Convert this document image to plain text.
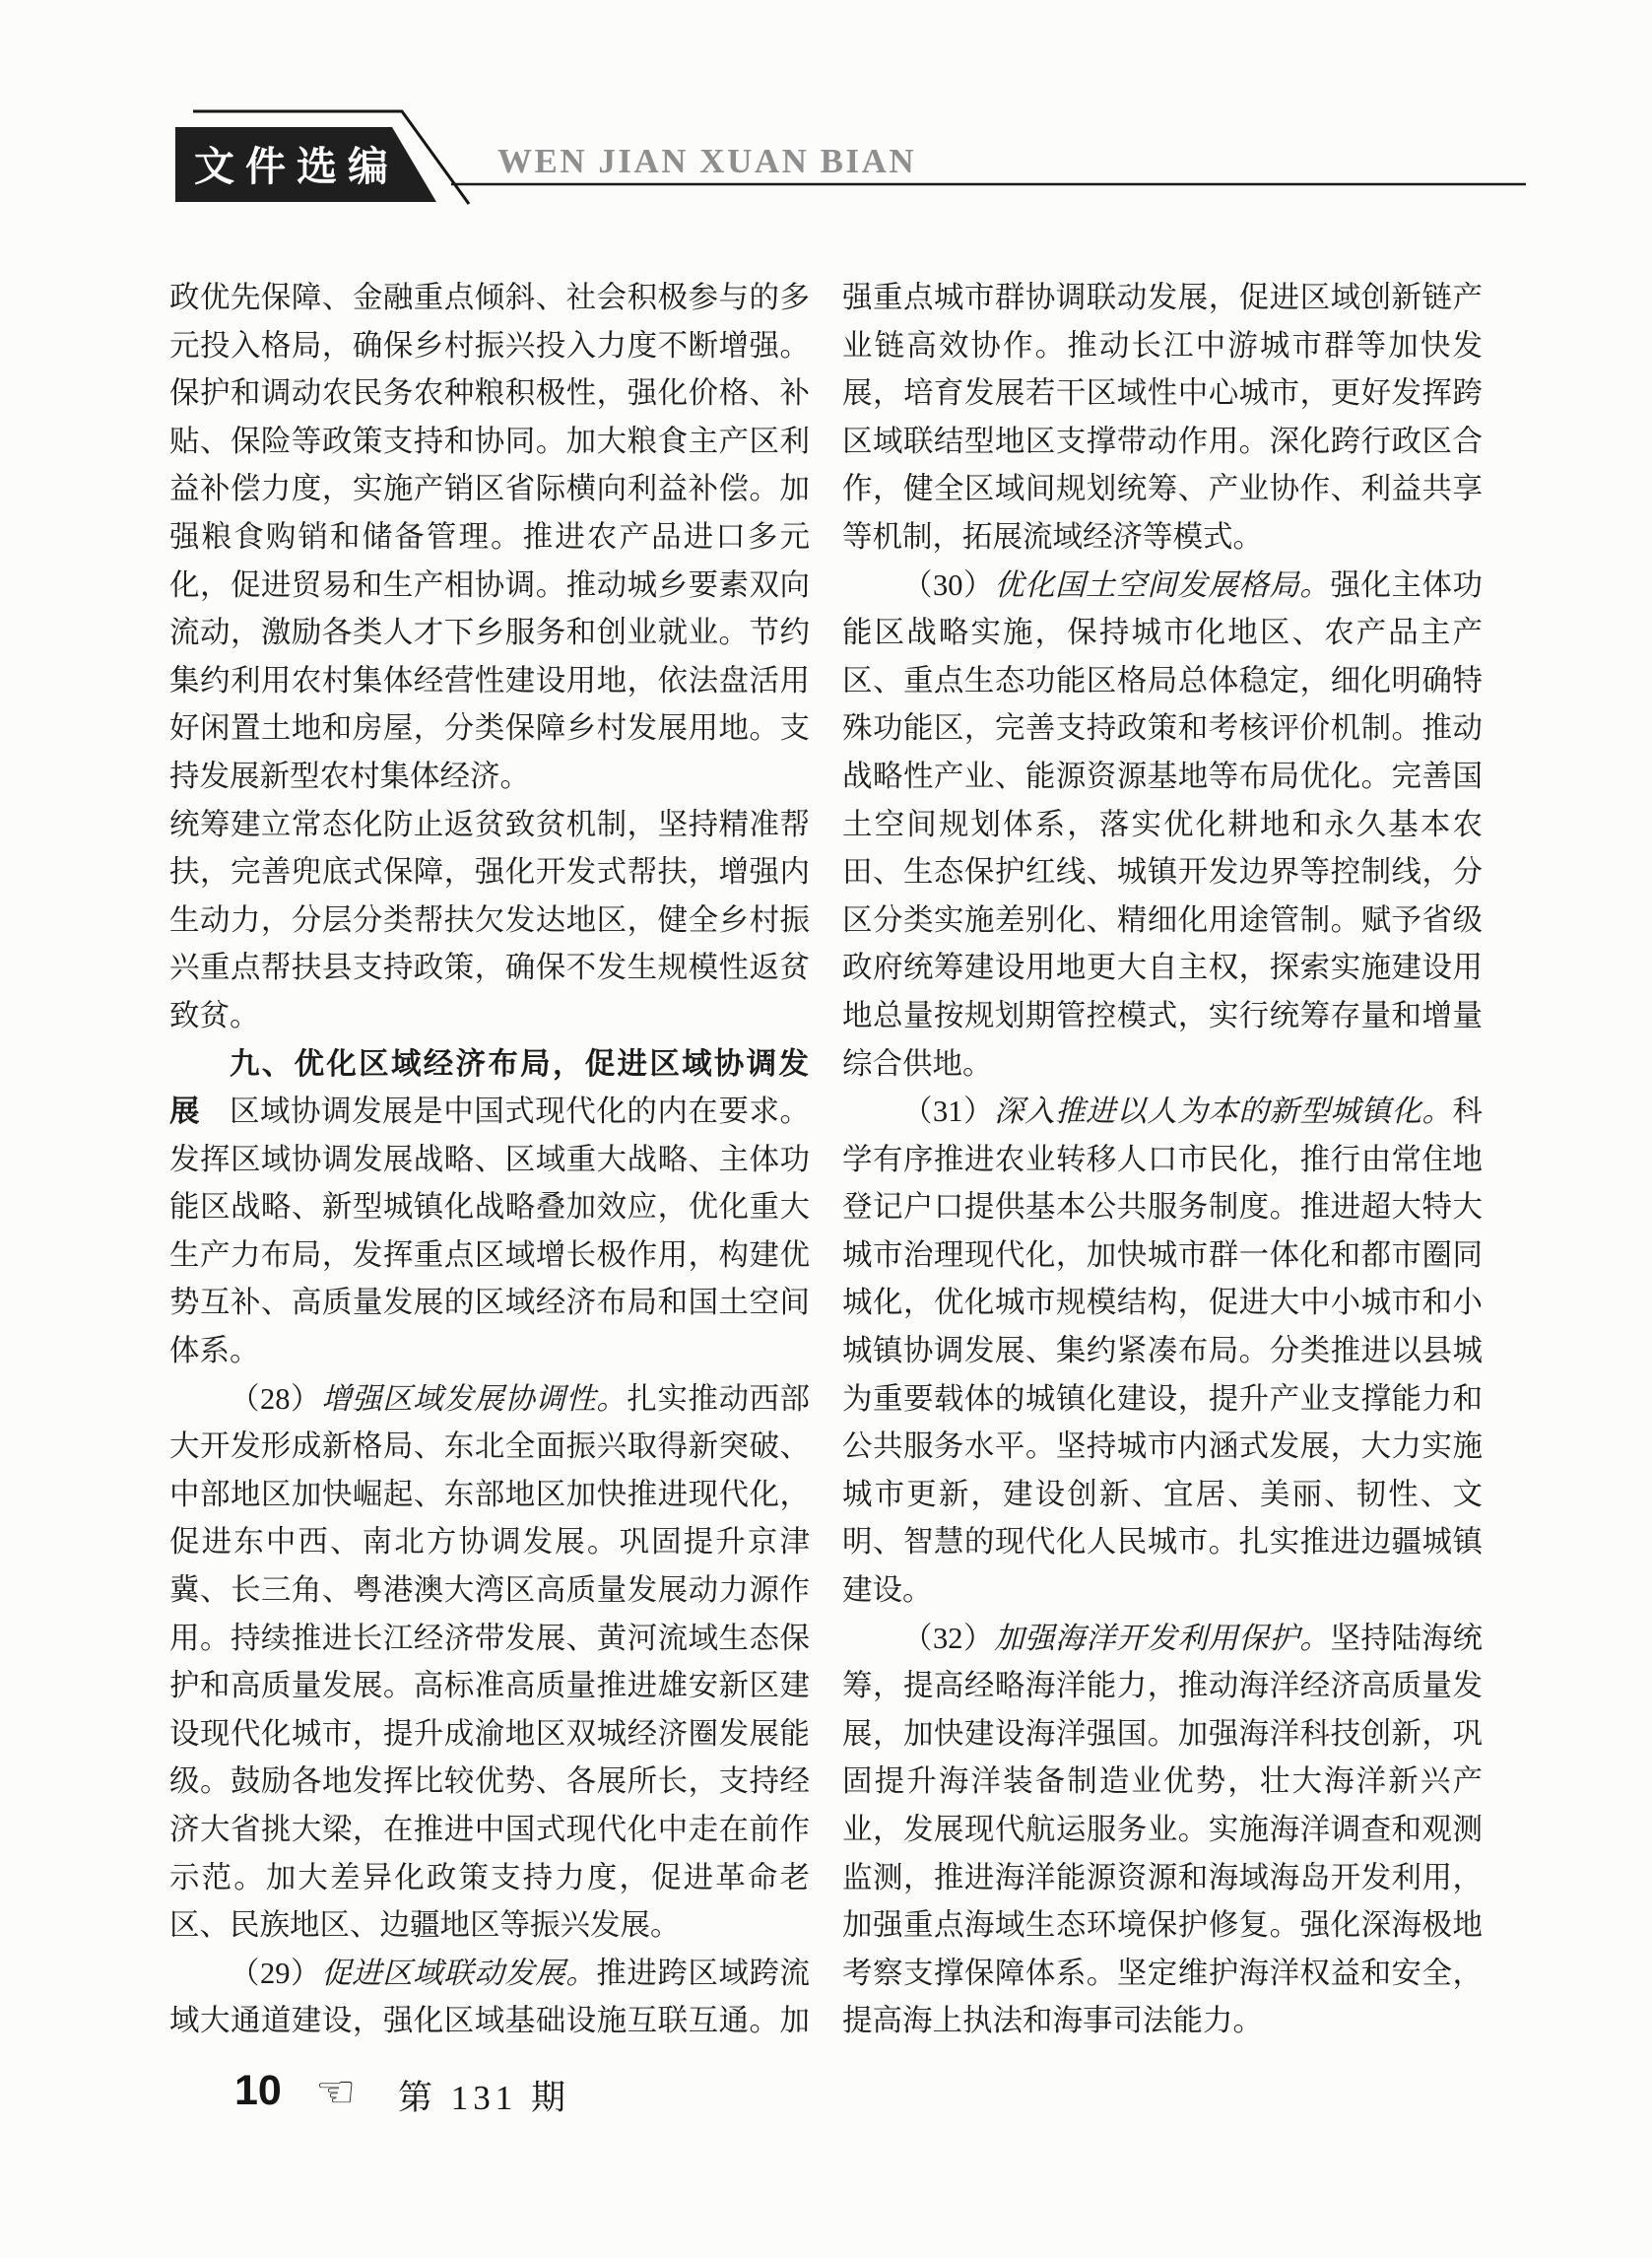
文件选编	WEN JIAN XUAN BIAN
政优先保障、金融重点倾斜、社会积极参与的多
元投入格局，确保乡村振兴投入力度不断增强。
保护和调动农民务农种粮积极性，强化价格、补
贴、保险等政策支持和协同。加大粮食主产区利
益补偿力度，实施产销区省际横向利益补偿。加
强粮食购销和储备管理。推进农产品进口多元
化，促进贸易和生产相协调。推动城乡要素双向
流动，激励各类人才下乡服务和创业就业。节约
集约利用农村集体经营性建设用地，依法盘活用
好闲置土地和房屋，分类保障乡村发展用地。支
持发展新型农村集体经济。
统筹建立常态化防止返贫致贫机制，坚持精准帮
扶，完善兜底式保障，强化开发式帮扶，增强内
生动力，分层分类帮扶欠发达地区，健全乡村振
兴重点帮扶县支持政策，确保不发生规模性返贫
致贫。
九、优化区域经济布局，促进区域协调发展 区域协调发展是中国式现代化的内在要求。
发挥区域协调发展战略、区域重大战略、主体功
能区战略、新型城镇化战略叠加效应，优化重大
生产力布局，发挥重点区域增长极作用，构建优
势互补、高质量发展的区域经济布局和国土空间
体系。
（28）增强区域发展协调性。扎实推动西部
大开发形成新格局、东北全面振兴取得新突破、
中部地区加快崛起、东部地区加快推进现代化，
促进东中西、南北方协调发展。巩固提升京津
冀、长三角、粤港澳大湾区高质量发展动力源作
用。持续推进长江经济带发展、黄河流域生态保
护和高质量发展。高标准高质量推进雄安新区建
设现代化城市，提升成渝地区双城经济圈发展能
级。鼓励各地发挥比较优势、各展所长，支持经
济大省挑大梁，在推进中国式现代化中走在前作
示范。加大差异化政策支持力度，促进革命老
区、民族地区、边疆地区等振兴发展。
（29）促进区域联动发展。推进跨区域跨流
域大通道建设，强化区域基础设施互联互通。加
强重点城市群协调联动发展，促进区域创新链产
业链高效协作。推动长江中游城市群等加快发
展，培育发展若干区域性中心城市，更好发挥跨
区域联结型地区支撑带动作用。深化跨行政区合
作，健全区域间规划统筹、产业协作、利益共享
等机制，拓展流域经济等模式。
（30）优化国土空间发展格局。强化主体功
能区战略实施，保持城市化地区、农产品主产
区、重点生态功能区格局总体稳定，细化明确特
殊功能区，完善支持政策和考核评价机制。推动
战略性产业、能源资源基地等布局优化。完善国
土空间规划体系，落实优化耕地和永久基本农
田、生态保护红线、城镇开发边界等控制线，分
区分类实施差别化、精细化用途管制。赋予省级
政府统筹建设用地更大自主权，探索实施建设用
地总量按规划期管控模式，实行统筹存量和增量
综合供地。
（31）深入推进以人为本的新型城镇化。科
学有序推进农业转移人口市民化，推行由常住地
登记户口提供基本公共服务制度。推进超大特大
城市治理现代化，加快城市群一体化和都市圈同
城化，优化城市规模结构，促进大中小城市和小
城镇协调发展、集约紧凑布局。分类推进以县城
为重要载体的城镇化建设，提升产业支撑能力和
公共服务水平。坚持城市内涵式发展，大力实施
城市更新，建设创新、宜居、美丽、韧性、文
明、智慧的现代化人民城市。扎实推进边疆城镇
建设。
（32）加强海洋开发利用保护。坚持陆海统
筹，提高经略海洋能力，推动海洋经济高质量发
展，加快建设海洋强国。加强海洋科技创新，巩
固提升海洋装备制造业优势，壮大海洋新兴产
业，发展现代航运服务业。实施海洋调查和观测
监测，推进海洋能源资源和海域海岛开发利用，
加强重点海域生态环境保护修复。强化深海极地
考察支撑保障体系。坚定维护海洋权益和安全，
提高海上执法和海事司法能力。
10 ☜ 第 131 期
